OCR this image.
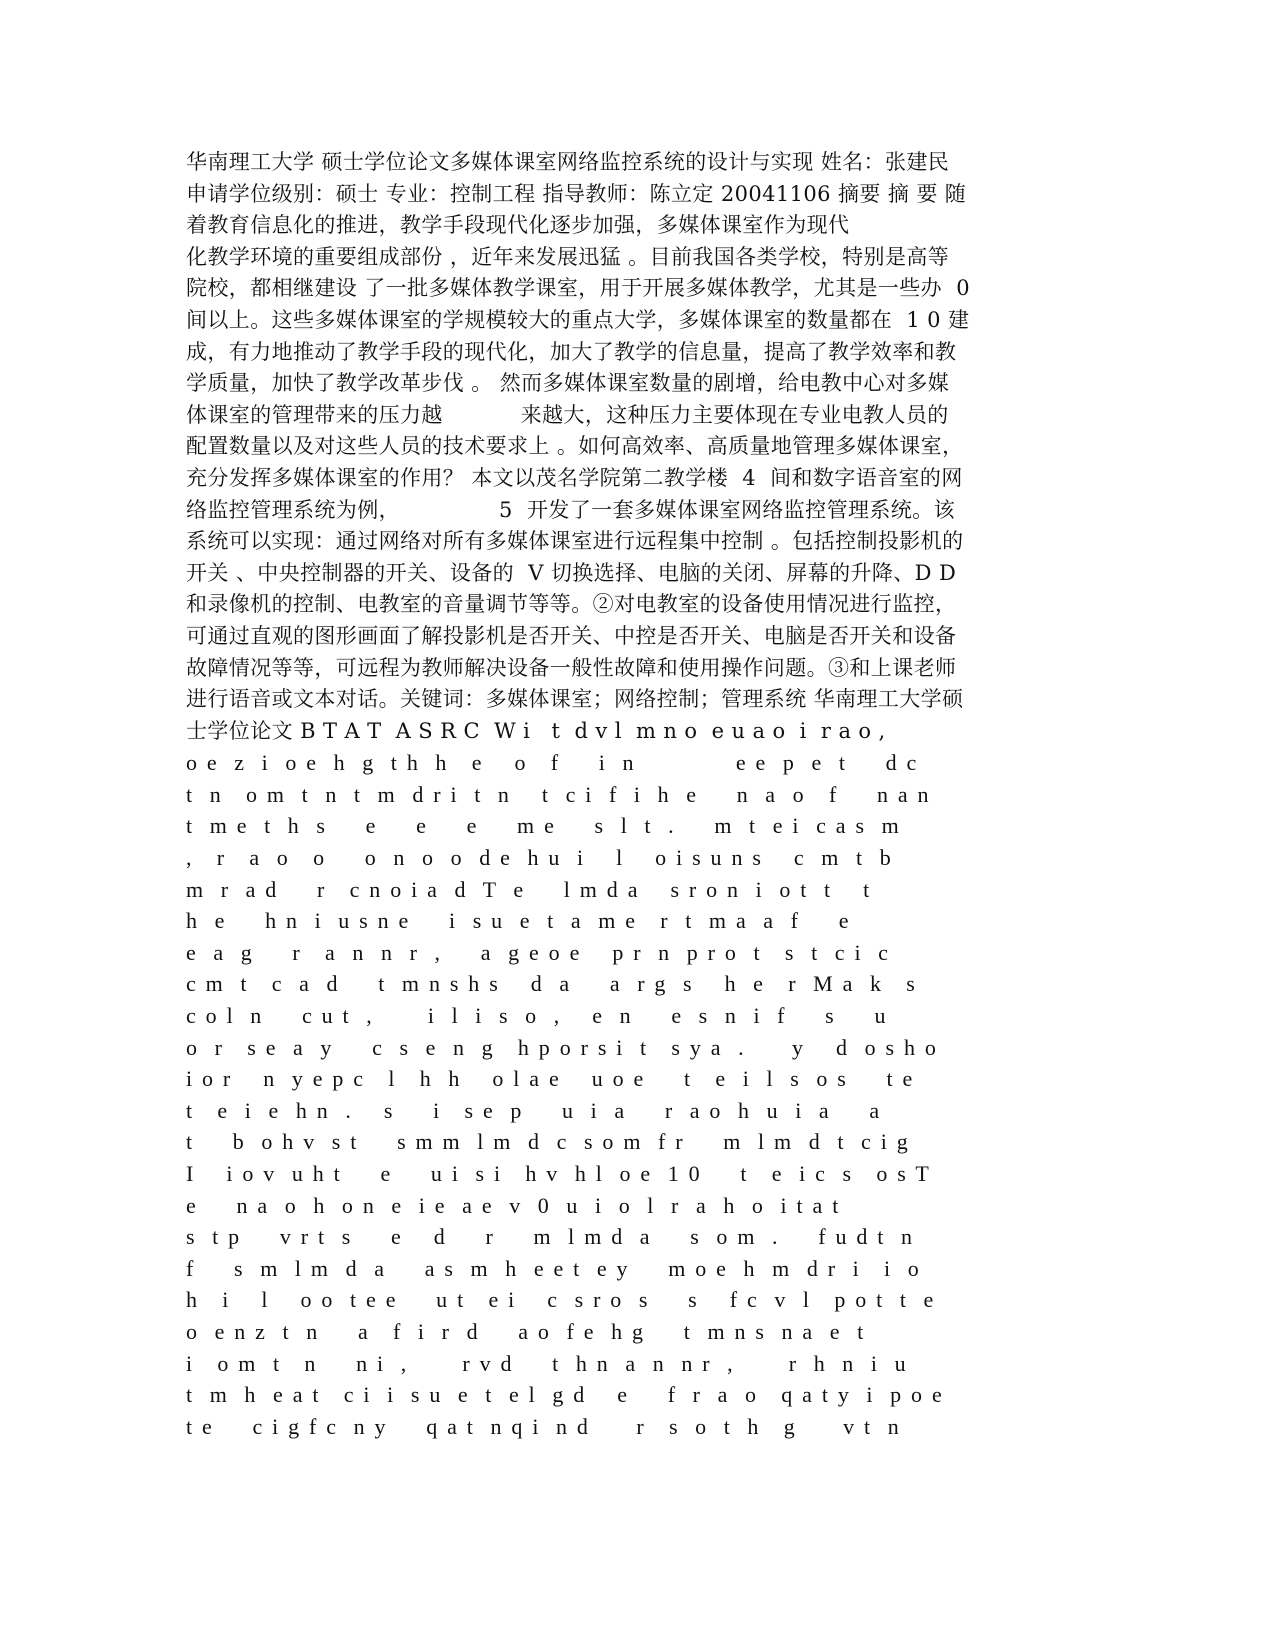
华南理工大学 硕士学位论文多媒体课室网络监控系统的设计与实现 姓名：张建民
申请学位级别：硕士 专业：控制工程 指导教师：陈立定 20041106 摘要 摘 要 随
着教育信息化的推进，教学手段现代化逐步加强，多媒体课室作为现代
化教学环境的重要组成部份 ，近年来发展迅猛 。目前我国各类学校，特别是高等
院校，都相继建设 了一批多媒体教学课室，用于开展多媒体教学，尤其是一些办  0
间以上。这些多媒体课室的学规模较大的重点大学，多媒体课室的数量都在  1 0 建
成，有力地推动了教学手段的现代化，加大了教学的信息量，提高了教学效率和教
学质量，加快了教学改革步伐 。 然而多媒体课室数量的剧增，给电教中心对多媒
体课室的管理带来的压力越           来越大，这种压力主要体现在专业电教人员的
配置数量以及对这些人员的技术要求上 。如何高效率、高质量地管理多媒体课室，
充分发挥多媒体课室的作用？ 本文以茂名学院第二教学楼  4  间和数字语音室的网
络监控管理系统为例，              5  开发了一套多媒体课室网络监控管理系统。该
系统可以实现：通过网络对所有多媒体课室进行远程集中控制 。包括控制投影机的
开关 、中央控制器的开关、设备的  V 切换选择、电脑的关闭、屏幕的升降、D D
和录像机的控制、电教室的音量调节等等。②对电教室的设备使用情况进行监控，
可通过直观的图形画面了解投影机是否开关、中控是否开关、电脑是否开关和设备
故障情况等等，可远程为教师解决设备一般性故障和使用操作问题。③和上课老师
进行语音或文本对话。关键词：多媒体课室；网络控制；管理系统 华南理工大学硕
士学位论文 B T A T  A S R C  W i   t  d v l  m n o  e u a o  i  r a o ,
o e  z  i  o e  h  g  t h  h   e    o   f     i  n             e e  p  e  t     d c
t  n   o m  t  n  t  m  d r i  t  n    t  c i  f  i  h  e     n  a  o   f     n a n
t  m e  t  h  s     e     e     e     m e     s  l  t  .     m  t  e i  c a s  m
,   r   a  o   o     o  n  o  o  d e  h u  i    l    o i s u n s    c  m  t  b
m  r  a d     r   c n o i a  d  T  e     l m d a    s r o n  i  o t  t    t
h  e     h n  i  u s n e     i  s u  e  t  a  m e   r  t  m a  a  f     e
e  a  g     r   a  n  n  r  ,     a  g e o e    p r  n  p r o  t   s  t  c i  c
c m  t   c  a  d     t  m n s h s    d  a     a  r g  s    h  e   r  M a  k   s
c o l  n     c u t  ,       i  l  i  s  o  ,    e  n     e  s  n  i  f     s     u
o  r   s e  a  y     c  s  e  n  g   h p o r s i  t   s y a  .      y    d  o s h o
i o r    n  y e p c   l   h  h    o l a e    u o e     t   e  i  l  s  o s     t e
t   e  i  e  h n  .    s     i   s e  p     u  i  a     r  a o  h  u  i  a     a
t     b  o h v  s t     s m m  l m  d  c  s o m  f r     m  l m  d  t  c i g
I    i o v  u h t     e     u i  s i   h v  h l  o e  1 0     t   e  i c  s   o s T
e     n a  o  h  o n  e  i e  a e  v  0  u  i  o  l  r  a  h  o  i t a t
s  t p     v r t  s     e    d     r     m  l m d  a     s  o m  .     f u d t  n
f     s  m  l m  d  a     a s  m  h  e e t  e y     m o e  h  m  d r  i   i  o
h   i    l    o o  t e e     u t   e i    c  s r o  s     s    f c  v  l   p o t  t  e
o  e n z  t  n     a   f  i  r  d     a o  f e  h g     t  m n s  n a  e  t
i   o m  t   n     n i  ,       r v d     t  h n  a  n  n r  ,       r  h  n  i  u
t  m  h  e a t   c i  i  s u  e  t  e l  g d    e     f  r  a  o   q a t y  i  p o e
t e     c i g f c  n y     q a t  n q i  n d      r   s  o  t  h   g      v t  n
